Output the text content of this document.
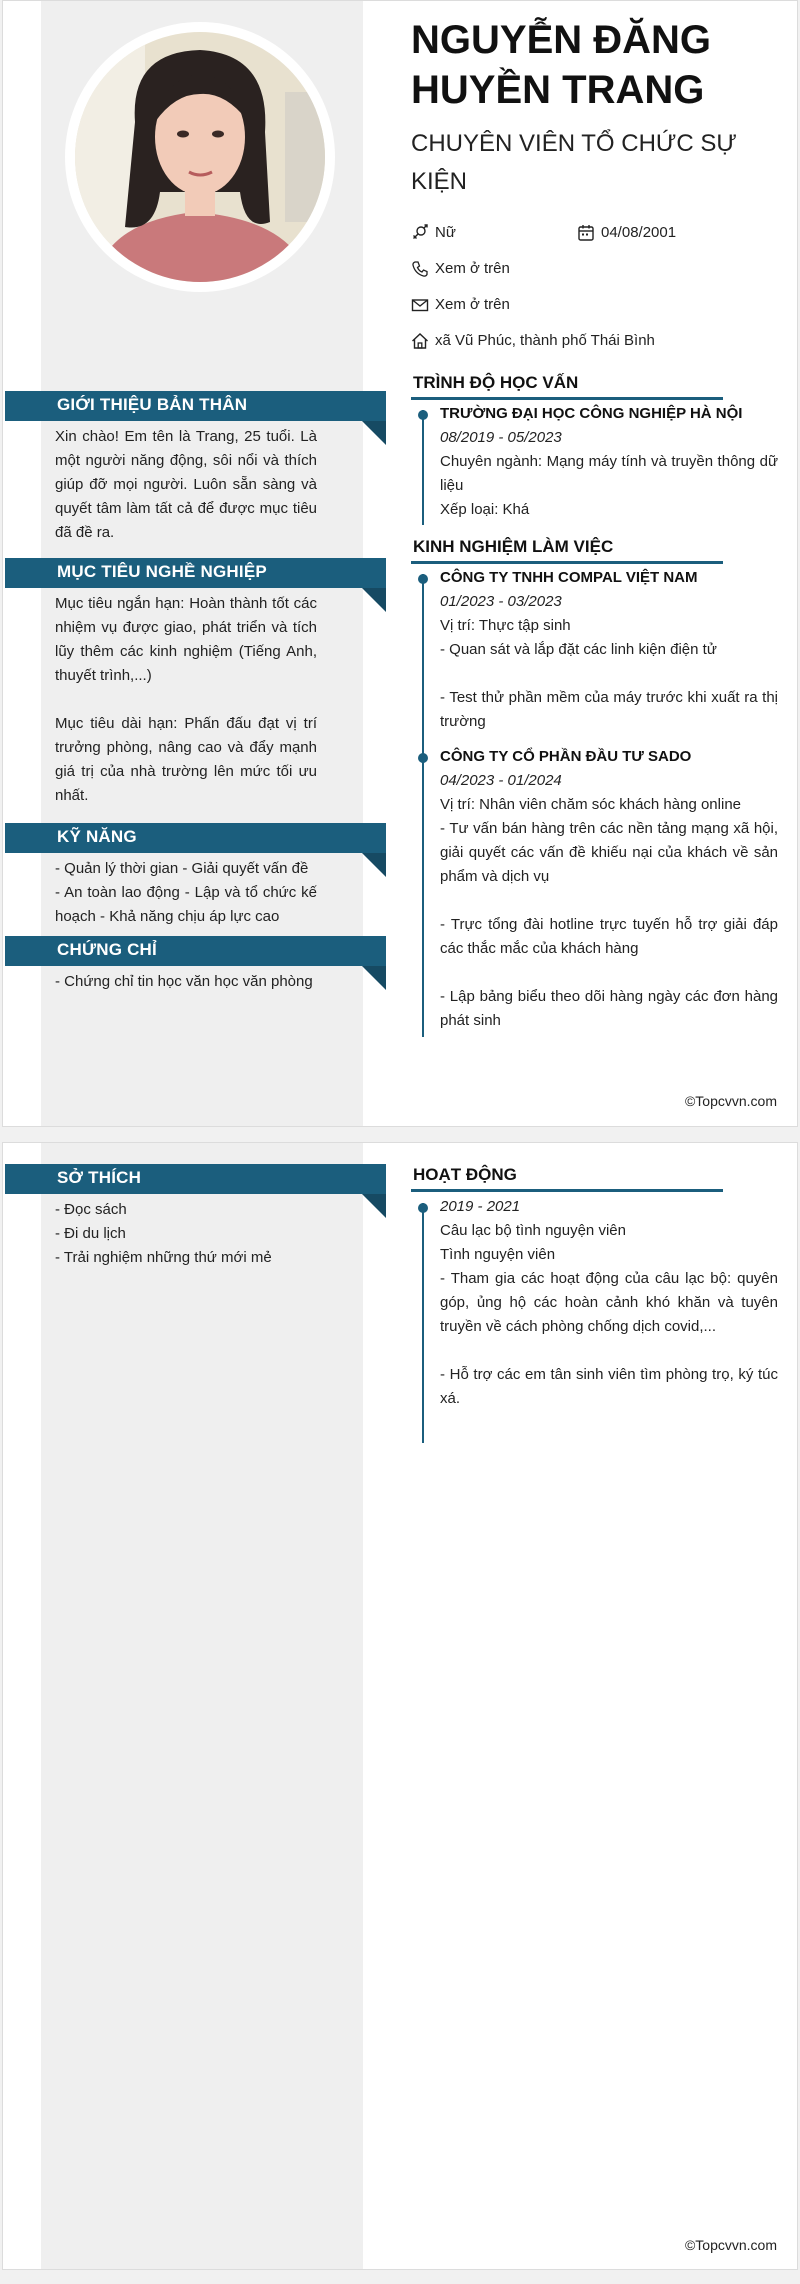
NGUYỄN ĐĂNG HUYỀN TRANG
CHUYÊN VIÊN TỔ CHỨC SỰ KIỆN
Nữ	04/08/2001
Xem ở trên
Xem ở trên
xã Vũ Phúc, thành phố Thái Bình
GIỚI THIỆU BẢN THÂN
Xin chào! Em tên là Trang, 25 tuổi. Là một người năng động, sôi nổi và thích giúp đỡ mọi người. Luôn sẵn sàng và quyết tâm làm tất cả để được mục tiêu đã đề ra.
MỤC TIÊU NGHỀ NGHIỆP
Mục tiêu ngắn hạn: Hoàn thành tốt các nhiệm vụ được giao, phát triển và tích lũy thêm các kinh nghiệm (Tiếng Anh, thuyết trình,...)

Mục tiêu dài hạn: Phấn đấu đạt vị trí trưởng phòng, nâng cao và đẩy mạnh giá trị của nhà trường lên mức tối ưu nhất.
KỸ NĂNG
- Quản lý thời gian - Giải quyết vấn đề
- An toàn lao động - Lập và tổ chức kế hoạch - Khả năng chịu áp lực cao
CHỨNG CHỈ
- Chứng chỉ tin học văn học văn phòng
TRÌNH ĐỘ HỌC VẤN
TRƯỜNG ĐẠI HỌC CÔNG NGHIỆP HÀ NỘI
08/2019 - 05/2023
Chuyên ngành: Mạng máy tính và truyền thông dữ liệu
Xếp loại: Khá
KINH NGHIỆM LÀM VIỆC
CÔNG TY TNHH COMPAL VIỆT NAM
01/2023 - 03/2023
Vị trí: Thực tập sinh
- Quan sát và lắp đặt các linh kiện điện tử

- Test thử phần mềm của máy trước khi xuất ra thị trường
CÔNG TY CỔ PHẦN ĐẦU TƯ SADO
04/2023 - 01/2024
Vị trí: Nhân viên chăm sóc khách hàng online
- Tư vấn bán hàng trên các nền tảng mạng xã hội, giải quyết các vấn đề khiếu nại của khách về sản phẩm và dịch vụ

- Trực tổng đài hotline trực tuyến hỗ trợ giải đáp các thắc mắc của khách hàng

- Lập bảng biểu theo dõi hàng ngày các đơn hàng phát sinh
©Topcvvn.com
SỞ THÍCH
- Đọc sách
- Đi du lịch
- Trải nghiệm những thứ mới mẻ
HOẠT ĐỘNG
2019 - 2021
Câu lạc bộ tình nguyện viên
Tình nguyện viên
- Tham gia các hoạt động của câu lạc bộ: quyên góp, ủng hộ các hoàn cảnh khó khăn và tuyên truyền về cách phòng chống dịch covid,...

- Hỗ trợ các em tân sinh viên tìm phòng trọ, ký túc xá.
©Topcvvn.com
